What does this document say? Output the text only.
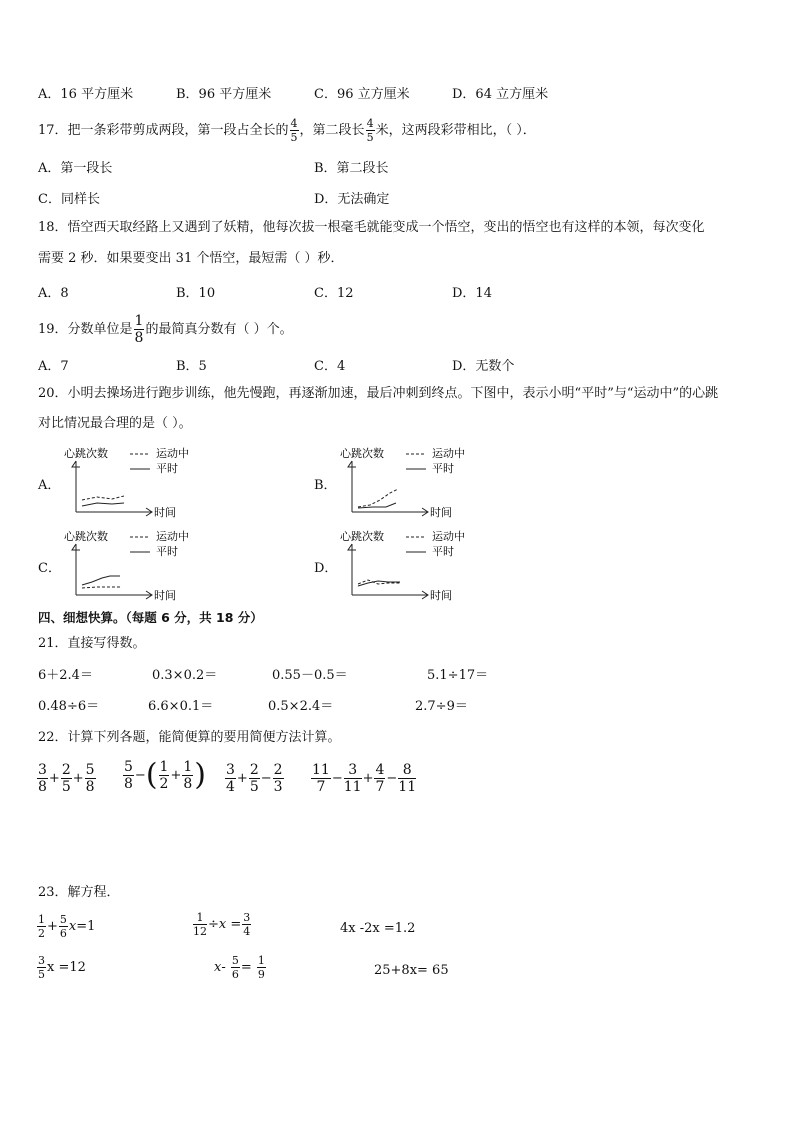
A．16 平方厘米	B．96 平方厘米	C．96 立方厘米	D．64 立方厘米
17．把一条彩带剪成两段，第一段占全长的 $\frac{4}{5}$ ，第二段长 $\frac{4}{5}$ 米，这两段彩带相比，（ ）．
A．第一段长	B．第二段长
C．同样长	D．无法确定
18．悟空西天取经路上又遇到了妖精，他每次拔一根毫毛就能变成一个悟空，变出的悟空也有这样的本领，每次变化
需要 2 秒．如果要变出 31 个悟空，最短需（ ）秒．
A．8	B．10	C．12	D．14
19．分数单位是 $\frac{1}{8}$ 的最简真分数有（ ）个。
A．7	B．5	C．4	D．无数个
20．小明去操场进行跑步训练，他先慢跑，再逐渐加速，最后冲刺到终点。下图中，表示小明“平时”与“运动中”的心跳
对比情况最合理的是（ ）。
A．
心跳次数	运动中
平时
时间
B．
心跳次数	运动中
平时
时间
C．
心跳次数	运动中
平时
时间
D．
心跳次数	运动中
平时
时间
四、细想快算。（每题 6 分，共 18 分）
21．直接写得数。
6＋2.4＝	0.3×0.2＝	0.55－0.5＝	5.1÷17＝
0.48÷6＝	6.6×0.1＝	0.5×2.4＝	2.7÷9＝
22．计算下列各题，能简便算的要用简便方法计算。
$\frac{3}{8} + \frac{2}{5} + \frac{5}{8} \frac{5}{8}$ −( $\frac{1}{2} + \frac{1}{8}$ ) $\frac{3}{4} + \frac{2}{5} - \frac{2}{3} \frac{11}{7} - \frac{3}{11} + \frac{4}{7} - \frac{8}{11}$
23．解方程．
$\frac{1}{2} + \frac{5}{6} x=1$	$\frac{1}{12} \div x = \frac{3}{4}$	4x -2x =1.2
$\frac{3}{5}$ x =12	$x- \frac{5}{6} = \frac{1}{9}$	25+8x= 65
